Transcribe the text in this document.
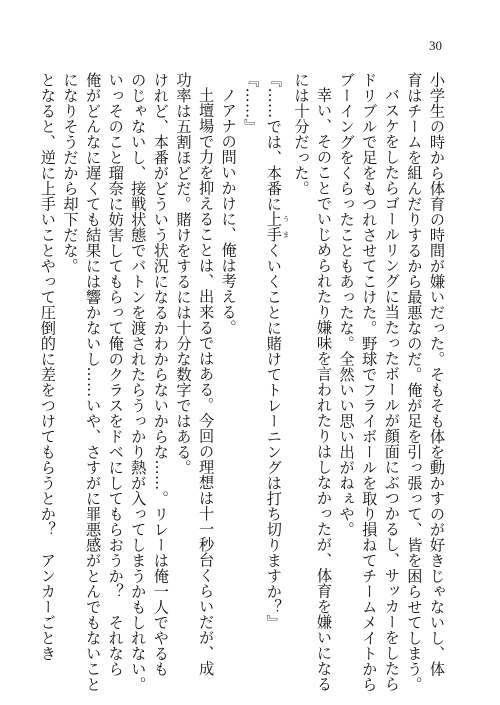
30
小学生の時から体育の時間が嫌いだった。そもそも体を動かすのが好きじゃないし、体
育はチームを組んだりするから最悪なのだ。俺が足を引っ張って、皆を困らせてしまう。
バスケをしたらゴールリングに当たったボールが顔面にぶつかるし、サッカーをしたら
ドリブルで足をもつれさせてこけた。野球でフライボールを取り損ねてチームメイトから
ブーイングをくらったこともあったな。全然いい思い出がねぇや。
幸い、そのことでいじめられたり嫌味を言われたりはしなかったが、体育を嫌いになる
には十分だった。
『……では、本番に上手 うまくいくことに賭けてトレーニングは打ち切りますか？』
『……』
ノアナの問いかけに、俺は考える。
土壇場で力を抑えることは、出来るではある。今回の理想は十一秒台くらいだが、成
功率は五割ほどだ。賭けをするには十分な数字ではある。
けれど、本番がどういう状況になるかわからないからな……。リレーは俺一人でやるも
のじゃないし、接戦状態でバトンを渡されたらうっかり熱が入ってしまうかもしれない。
いっそのこと瑠奈に妨害してもらって俺のクラスをドベにしてもらおうか？　それなら
俺がどんなに遅くても結果には響かないし……いや、さすがに罪悪感がとんでもないこと
になりそうだから却下だな。
となると、逆に上手いことやって圧倒的に差をつけてもらうとか？　アンカーごとき
